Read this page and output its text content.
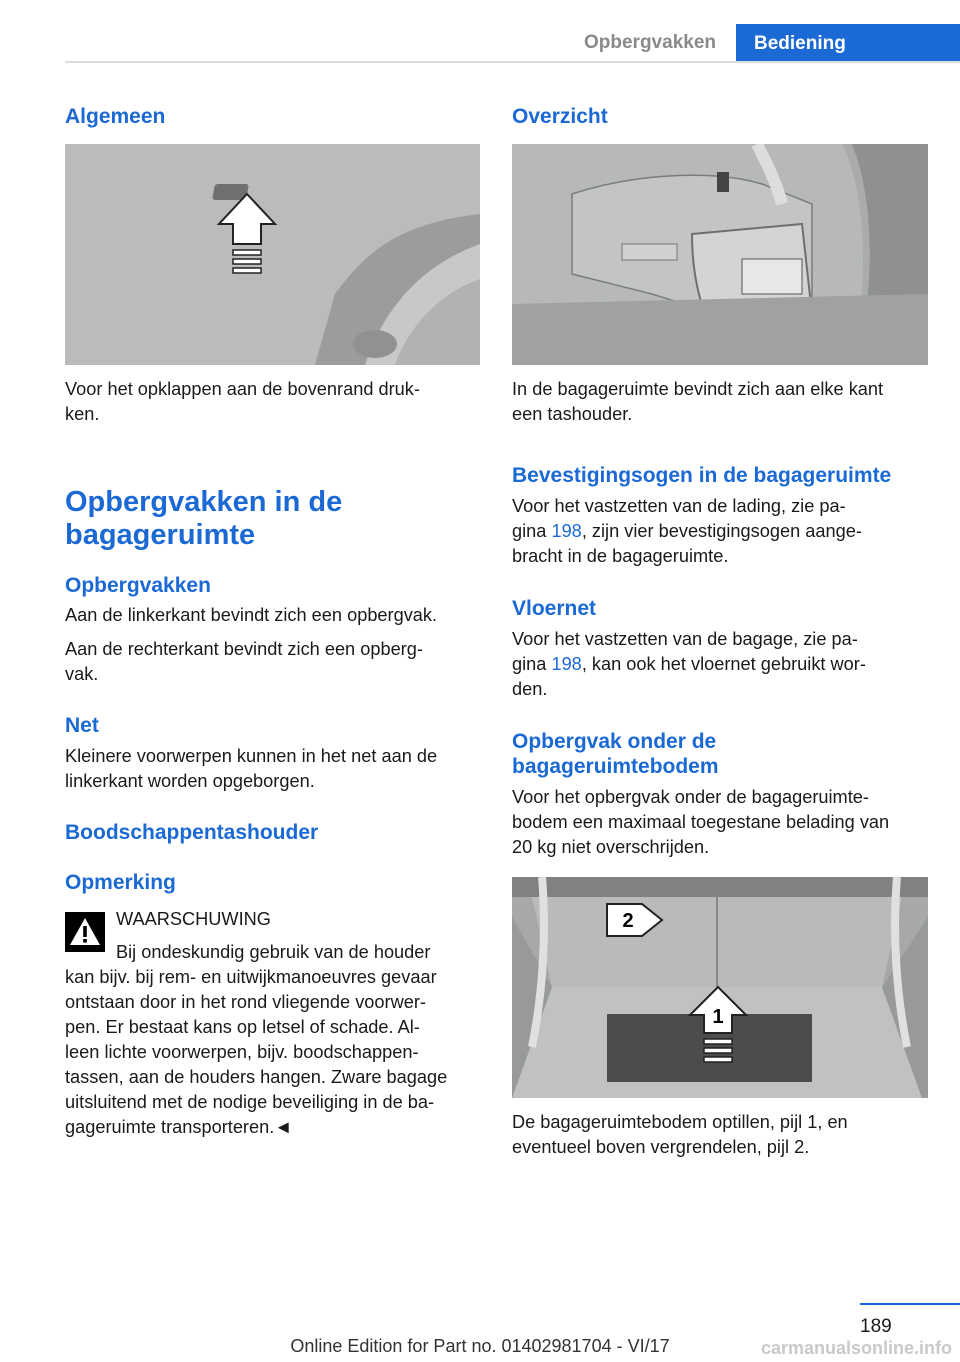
Opbergvakken	Bediening
Algemeen

Voor het opklappen aan de bovenrand druk-

ken.

Opbergvakken in de
bagageruimte
Opbergvakken

Aan de linkerkant bevindt zich een opbergvak.

Aan de rechterkant bevindt zich een opberg-

vak.

Net

Kleinere voorwerpen kunnen in het net aan de

linkerkant worden opgeborgen.

Boodschappentashouder
Opmerking

WAARSCHUWING

Bij ondeskundig gebruik van de houder

kan bijv. bij rem- en uitwijkmanoeuvres gevaar

ontstaan door in het rond vliegende voorwer-

pen. Er bestaat kans op letsel of schade. Al-

leen lichte voorwerpen, bijv. boodschappen-

tassen, aan de houders hangen. Zware bagage

uitsluitend met de nodige beveiliging in de ba-

gageruimte transporteren.◄

Overzicht

In de bagageruimte bevindt zich aan elke kant

een tashouder.

Bevestigingsogen in de bagageruimte

Voor het vastzetten van de lading, zie pa-

gina 198, zijn vier bevestigingsogen aange-

bracht in de bagageruimte.

Vloernet

Voor het vastzetten van de bagage, zie pa-

gina 198, kan ook het vloernet gebruikt wor-

den.

Opbergvak onder de
bagageruimtebodem

Voor het opbergvak onder de bagageruimte-

bodem een maximaal toegestane belading van

20 kg niet overschrijden.

2
1

De bagageruimtebodem optillen, pijl 1, en

eventueel boven vergrendelen, pijl 2.

189
Online Edition for Part no. 01402981704 - VI/17	carmanualsonline.info
